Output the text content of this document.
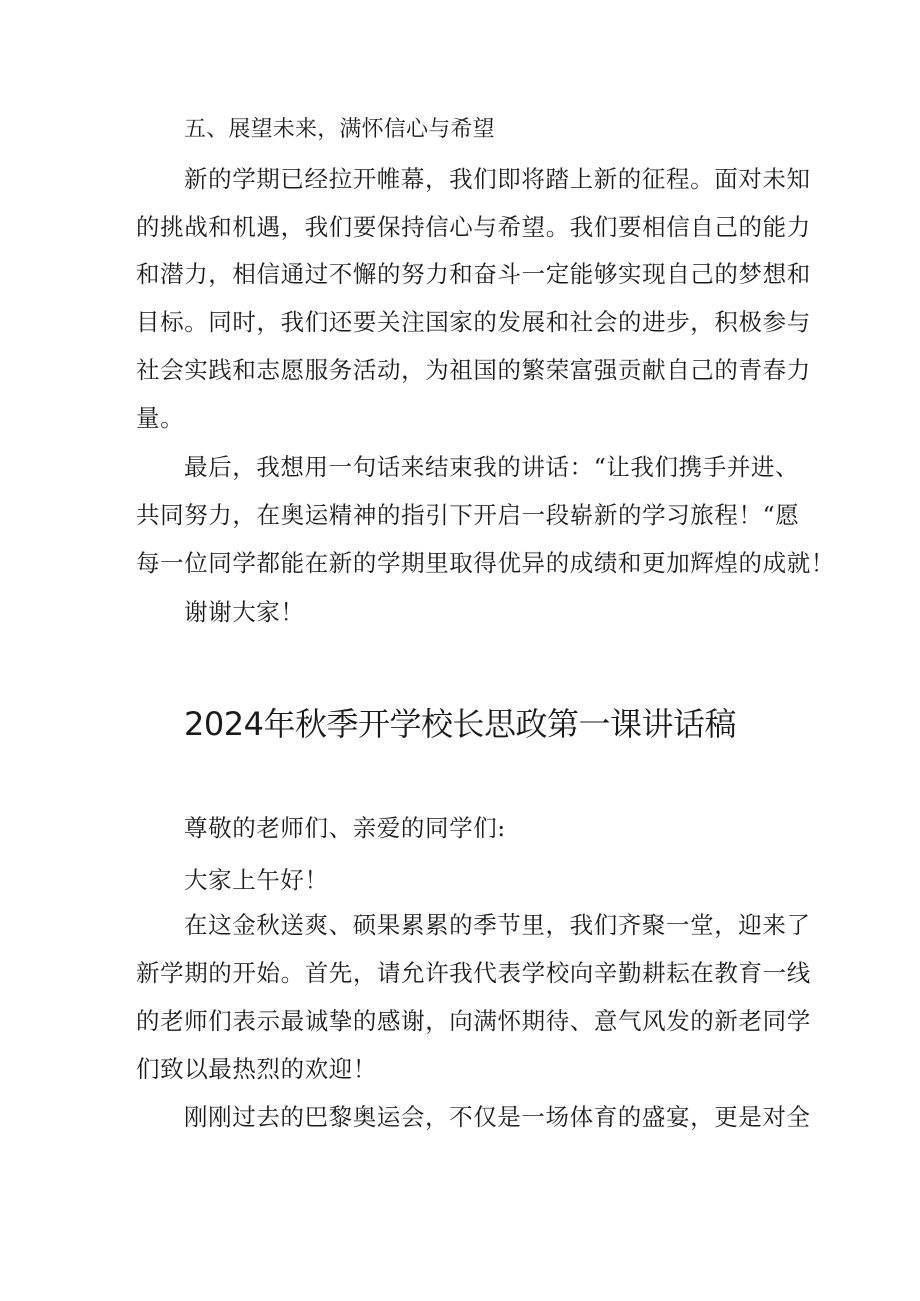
五、展望未来，满怀信心与希望
新的学期已经拉开帷幕，我们即将踏上新的征程。面对未知
的挑战和机遇，我们要保持信心与希望。我们要相信自己的能力
和潜力，相信通过不懈的努力和奋斗一定能够实现自己的梦想和
目标。同时，我们还要关注国家的发展和社会的进步，积极参与
社会实践和志愿服务活动，为祖国的繁荣富强贡献自己的青春力
量。
最后，我想用一句话来结束我的讲话：“让我们携手并进、
共同努力，在奥运精神的指引下开启一段崭新的学习旅程！“愿
每一位同学都能在新的学期里取得优异的成绩和更加辉煌的成就！
谢谢大家！
2024年秋季开学校长思政第一课讲话稿
尊敬的老师们、亲爱的同学们:
大家上午好！
在这金秋送爽、硕果累累的季节里，我们齐聚一堂，迎来了
新学期的开始。首先，请允许我代表学校向辛勤耕耘在教育一线
的老师们表示最诚挚的感谢，向满怀期待、意气风发的新老同学
们致以最热烈的欢迎！
刚刚过去的巴黎奥运会，不仅是一场体育的盛宴，更是对全
